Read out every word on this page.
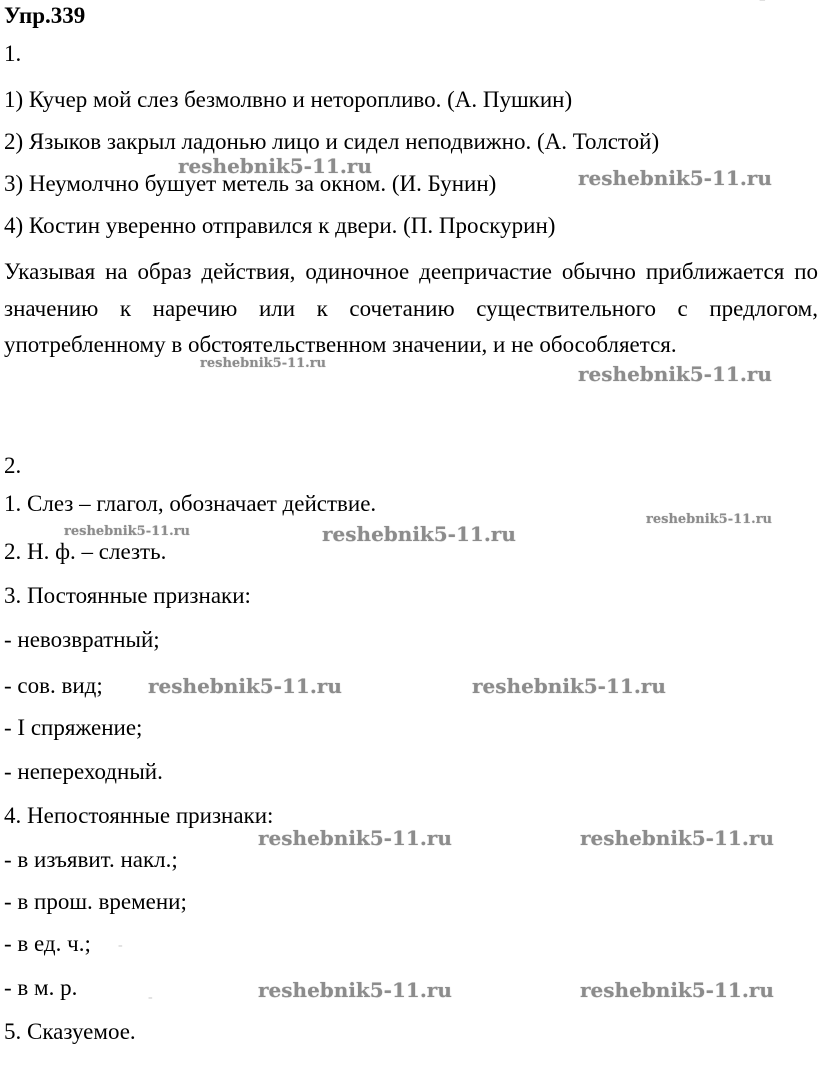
Упр.339
1.
1) Кучер мой слез безмолвно и неторопливо. (А. Пушкин)
2) Языков закрыл ладонью лицо и сидел неподвижно. (А. Толстой)
3) Неумолчно бушует метель за окном. (И. Бунин)
4) Костин уверенно отправился к двери. (П. Проскурин)
Указывая на образ действия, одиночное деепричастие обычно приближается по значению к наречию или к сочетанию существительного с предлогом, употребленному в обстоятельственном значении, и не обособляется.
2.
1. Слез – глагол, обозначает действие.
2. Н. ф. – слезть.
3. Постоянные признаки:
- невозвратный;
- сов. вид;
- I спряжение;
- непереходный.
4. Непостоянные признаки:
- в изъявит. накл.;
- в прош. времени;
- в ед. ч.;
- в м. р.
5. Сказуемое.
reshebnik5-11.ru	reshebnik5-11.ru
reshebnik5-11.ru	reshebnik5-11.ru
reshebnik5-11.ru	reshebnik5-11.ru
reshebnik5-11.ru
reshebnik5-11.ru	reshebnik5-11.ru
reshebnik5-11.ru	reshebnik5-11.ru
reshebnik5-11.ru	reshebnik5-11.ru
‾
-
-
